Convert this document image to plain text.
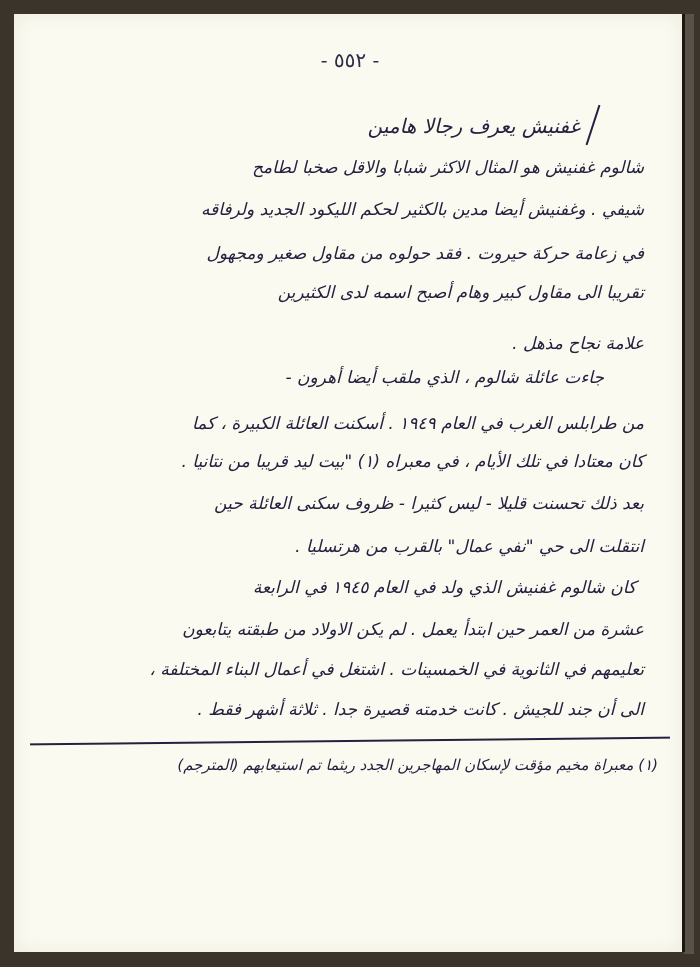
- ٥٥٢ -
غفنيش يعرف رجالا هامين
شالوم غفنيش هو المثال الاكثر شبابا والاقل صخبا لطامح
شيفي . وغفنيش أيضا مدين بالكثير لحكم الليكود الجديد ولرفاقه
في زعامة حركة حيروت . فقد حولوه من مقاول صغير ومجهول
تقريبا الى مقاول كبير وهام أصبح اسمه لدى الكثيرين
علامة نجاح مذهل .
جاءت عائلة شالوم ، الذي ملقب أيضا أهرون -
من طرابلس الغرب في العام ١٩٤٩ . أسكنت العائلة الكبيرة ، كما
كان معتادا في تلك الأيام ، في معبراه (١) "بيت ليد قريبا من نتانيا .
بعد ذلك تحسنت قليلا - ليس كثيرا - ظروف سكنى العائلة حين
انتقلت الى حي "نفي عمال" بالقرب من هرتسليا .
كان شالوم غفنيش الذي ولد في العام ١٩٤٥ في الرابعة
عشرة من العمر حين ابتدأ يعمل . لم يكن الاولاد من طبقته يتابعون
تعليمهم في الثانوية في الخمسينات . اشتغل في أعمال البناء المختلفة ،
الى أن جند للجيش . كانت خدمته قصيرة جدا . ثلاثة أشهر فقط .
(١) معبراة مخيم مؤقت لإسكان المهاجرين الجدد ريثما تم استيعابهم (المترجم)
